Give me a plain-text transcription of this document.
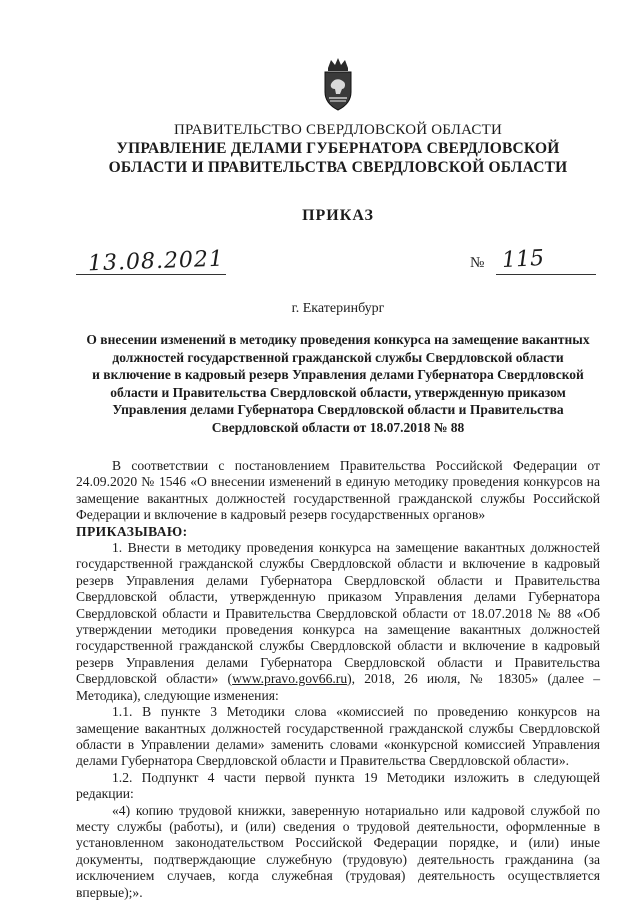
ПРАВИТЕЛЬСТВО СВЕРДЛОВСКОЙ ОБЛАСТИ
УПРАВЛЕНИЕ ДЕЛАМИ ГУБЕРНАТОРА СВЕРДЛОВСКОЙ
ОБЛАСТИ И ПРАВИТЕЛЬСТВА СВЕРДЛОВСКОЙ ОБЛАСТИ
ПРИКАЗ
13.08.2021	№ 115
г. Екатеринбург
О внесении изменений в методику проведения конкурса на замещение вакантных
должностей государственной гражданской службы Свердловской области
и включение в кадровый резерв Управления делами Губернатора Свердловской
области и Правительства Свердловской области, утвержденную приказом
Управления делами Губернатора Свердловской области и Правительства
Свердловской области от 18.07.2018 № 88

В соответствии с постановлением Правительства Российской Федерации от 24.09.2020 № 1546 «О внесении изменений в единую методику проведения конкурсов на замещение вакантных должностей государственной гражданской службы Российской Федерации и включение в кадровый резерв государственных органов»

ПРИКАЗЫВАЮ:

1. Внести в методику проведения конкурса на замещение вакантных должностей государственной гражданской службы Свердловской области и включение в кадровый резерв Управления делами Губернатора Свердловской области и Правительства Свердловской области, утвержденную приказом Управления делами Губернатора Свердловской области и Правительства Свердловской области от 18.07.2018 № 88 «Об утверждении методики проведения конкурса на замещение вакантных должностей государственной гражданской службы Свердловской области и включение в кадровый резерв Управления делами Губернатора Свердловской области и Правительства Свердловской области» (www.pravo.gov66.ru), 2018, 26 июля, № 18305» (далее – Методика), следующие изменения:

1.1. В пункте 3 Методики слова «комиссией по проведению конкурсов на замещение вакантных должностей государственной гражданской службы Свердловской области в Управлении делами» заменить словами «конкурсной комиссией Управления делами Губернатора Свердловской области и Правительства Свердловской области».

1.2. Подпункт 4 части первой пункта 19 Методики изложить в следующей редакции:

«4) копию трудовой книжки, заверенную нотариально или кадровой службой по месту службы (работы), и (или) сведения о трудовой деятельности, оформленные в установленном законодательством Российской Федерации порядке, и (или) иные документы, подтверждающие служебную (трудовую) деятельность гражданина (за исключением случаев, когда служебная (трудовая) деятельность осуществляется впервые);».
